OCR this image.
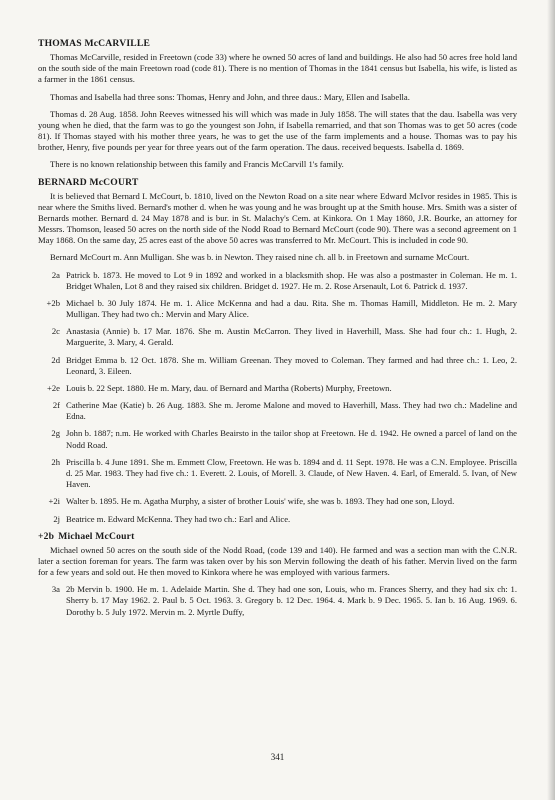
THOMAS McCARVILLE

Thomas McCarville, resided in Freetown (code 33) where he owned 50 acres of land and buildings. He also had 50 acres free hold land on the south side of the main Freetown road (code 81). There is no mention of Thomas in the 1841 census but Isabella, his wife, is listed as a farmer in the 1861 census.

Thomas and Isabella had three sons: Thomas, Henry and John, and three daus.: Mary, Ellen and Isabella.

Thomas d. 28 Aug. 1858. John Reeves witnessed his will which was made in July 1858. The will states that the dau. Isabella was very young when he died, that the farm was to go the youngest son John, if Isabella remarried, and that son Thomas was to get 50 acres (code 81). If Thomas stayed with his mother three years, he was to get the use of the farm implements and a house. Thomas was to pay his brother, Henry, five pounds per year for three years out of the farm operation. The daus. received bequests. Isabella d. 1869.

There is no known relationship between this family and Francis McCarvill 1's family.

BERNARD McCOURT

It is believed that Bernard I. McCourt, b. 1810, lived on the Newton Road on a site near where Edward McIvor resides in 1985. This is near where the Smiths lived. Bernard's mother d. when he was young and he was brought up at the Smith house. Mrs. Smith was a sister of Bernards mother. Bernard d. 24 May 1878 and is bur. in St. Malachy's Cem. at Kinkora. On 1 May 1860, J.R. Bourke, an attorney for Messrs. Thomson, leased 50 acres on the north side of the Nodd Road to Bernard McCourt (code 90). There was a second agreement on 1 May 1868. On the same day, 25 acres east of the above 50 acres was transferred to Mr. McCourt. This is included in code 90.

Bernard McCourt m. Ann Mulligan. She was b. in Newton. They raised nine ch. all b. in Freetown and surname McCourt.

2a Patrick b. 1873. He moved to Lot 9 in 1892 and worked in a blacksmith shop. He was also a postmaster in Coleman. He m. 1. Bridget Whalen, Lot 8 and they raised six children. Bridget d. 1927. He m. 2. Rose Arsenault, Lot 6. Patrick d. 1937.
+2b Michael b. 30 July 1874. He m. 1. Alice McKenna and had a dau. Rita. She m. Thomas Hamill, Middleton. He m. 2. Mary Mulligan. They had two ch.: Mervin and Mary Alice.
2c Anastasia (Annie) b. 17 Mar. 1876. She m. Austin McCarron. They lived in Haverhill, Mass. She had four ch.: 1. Hugh, 2. Marguerite, 3. Mary, 4. Gerald.
2d Bridget Emma b. 12 Oct. 1878. She m. William Greenan. They moved to Coleman. They farmed and had three ch.: 1. Leo, 2. Leonard, 3. Eileen.
+2e Louis b. 22 Sept. 1880. He m. Mary, dau. of Bernard and Martha (Roberts) Murphy, Freetown.
2f Catherine Mae (Katie) b. 26 Aug. 1883. She m. Jerome Malone and moved to Haverhill, Mass. They had two ch.: Madeline and Edna.
2g John b. 1887; n.m. He worked with Charles Beairsto in the tailor shop at Freetown. He d. 1942. He owned a parcel of land on the Nodd Road.
2h Priscilla b. 4 June 1891. She m. Emmett Clow, Freetown. He was b. 1894 and d. 11 Sept. 1978. He was a C.N. Employee. Priscilla d. 25 Mar. 1983. They had five ch.: 1. Everett. 2. Louis, of Morell. 3. Claude, of New Haven. 4. Earl, of Emerald. 5. Ivan, of New Haven.
+2i Walter b. 1895. He m. Agatha Murphy, a sister of brother Louis' wife, she was b. 1893. They had one son, Lloyd.
2j Beatrice m. Edward McKenna. They had two ch.: Earl and Alice.
+2b Michael McCourt

Michael owned 50 acres on the south side of the Nodd Road, (code 139 and 140). He farmed and was a section man with the C.N.R. later a section foreman for years. The farm was taken over by his son Mervin following the death of his father. Mervin lived on the farm for a few years and sold out. He then moved to Kinkora where he was employed with various farmers.

3a 2b Mervin b. 1900. He m. 1. Adelaide Martin. She d. They had one son, Louis, who m. Frances Sherry, and they had six ch: 1. Sherry b. 17 May 1962. 2. Paul b. 5 Oct. 1963. 3. Gregory b. 12 Dec. 1964. 4. Mark b. 9 Dec. 1965. 5. Ian b. 16 Aug. 1969. 6. Dorothy b. 5 July 1972. Mervin m. 2. Myrtle Duffy,
341
